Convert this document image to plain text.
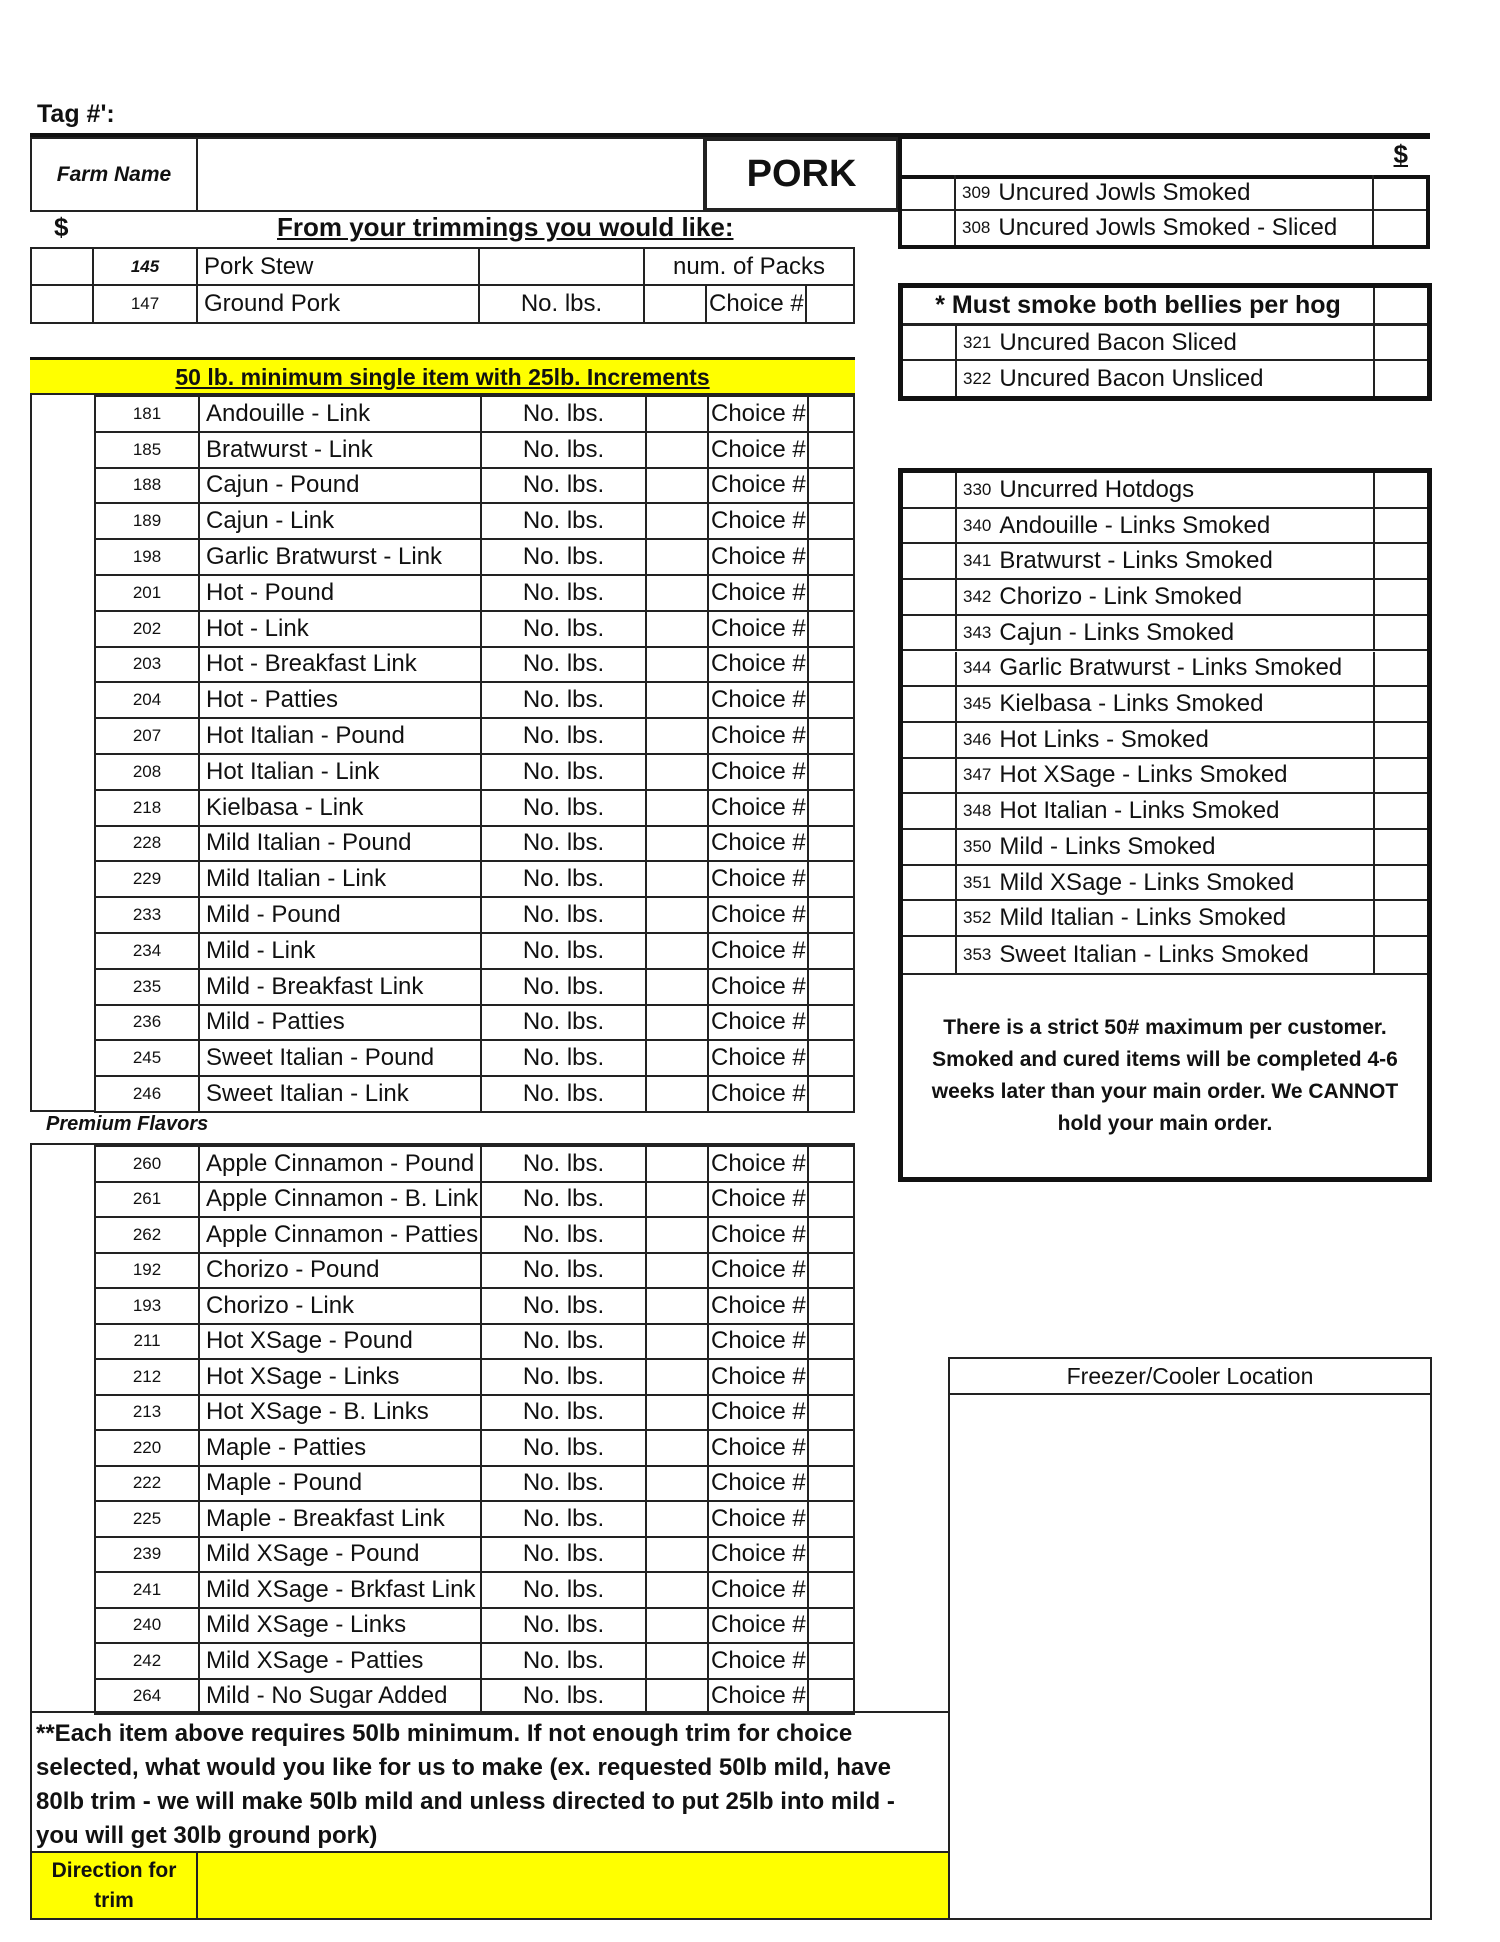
Tag #':
Farm Name	PORK	$
309 Uncured Jowls Smoked
308 Uncured Jowls Smoked - Sliced
$	From your trimmings you would like:
145 Pork Stew	num. of Packs
147 Ground Pork	No. lbs.	Choice #
50 lb. minimum single item with 25lb. Increments
181 Andouille - Link	No. lbs.	Choice #
185 Bratwurst - Link	No. lbs.	Choice #
188 Cajun - Pound	No. lbs.	Choice #
189 Cajun - Link	No. lbs.	Choice #
198 Garlic Bratwurst - Link	No. lbs.	Choice #
201 Hot - Pound	No. lbs.	Choice #
202 Hot - Link	No. lbs.	Choice #
203 Hot - Breakfast Link	No. lbs.	Choice #
204 Hot - Patties	No. lbs.	Choice #
207 Hot Italian - Pound	No. lbs.	Choice #
208 Hot Italian - Link	No. lbs.	Choice #
218 Kielbasa - Link	No. lbs.	Choice #
228 Mild Italian - Pound	No. lbs.	Choice #
229 Mild Italian - Link	No. lbs.	Choice #
233 Mild - Pound	No. lbs.	Choice #
234 Mild - Link	No. lbs.	Choice #
235 Mild - Breakfast Link	No. lbs.	Choice #
236 Mild - Patties	No. lbs.	Choice #
245 Sweet Italian - Pound	No. lbs.	Choice #
246 Sweet Italian - Link	No. lbs.	Choice #
Premium Flavors
260 Apple Cinnamon - Pound No. lbs.	Choice #
261 Apple Cinnamon - B. Link No. lbs.	Choice #
262 Apple Cinnamon - Patties No. lbs.	Choice #
192 Chorizo - Pound	No. lbs.	Choice #
193 Chorizo - Link	No. lbs.	Choice #
211 Hot XSage - Pound	No. lbs.	Choice #
212 Hot XSage - Links	No. lbs.	Choice #
213 Hot XSage - B. Links	No. lbs.	Choice #
220 Maple - Patties	No. lbs.	Choice #
222 Maple - Pound	No. lbs.	Choice #
225 Maple - Breakfast Link	No. lbs.	Choice #
239 Mild XSage - Pound	No. lbs.	Choice #
241 Mild XSage - Brkfast Link No. lbs.	Choice #
240 Mild XSage - Links	No. lbs.	Choice #
242 Mild XSage - Patties	No. lbs.	Choice #
264 Mild - No Sugar Added	No. lbs.	Choice #
**Each item above requires 50lb minimum. If not enough trim for choice selected, what would you like for us to make (ex. requested 50lb mild, have 80lb trim - we will make 50lb mild and unless directed to put 25lb into mild - you will get 30lb ground pork)
Direction for trim
* Must smoke both bellies per hog
321 Uncured Bacon Sliced
322 Uncured Bacon Unsliced
330 Uncurred Hotdogs
340 Andouille - Links Smoked
341 Bratwurst - Links Smoked
342 Chorizo - Link Smoked
343 Cajun - Links Smoked
344 Garlic Bratwurst - Links Smoked
345 Kielbasa - Links Smoked
346 Hot Links - Smoked
347 Hot XSage - Links Smoked
348 Hot Italian - Links Smoked
350 Mild - Links Smoked
351 Mild XSage - Links Smoked
352 Mild Italian - Links Smoked
353 Sweet Italian - Links Smoked
There is a strict 50# maximum per customer. Smoked and cured items will be completed 4-6 weeks later than your main order. We CANNOT hold your main order.
Freezer/Cooler Location
